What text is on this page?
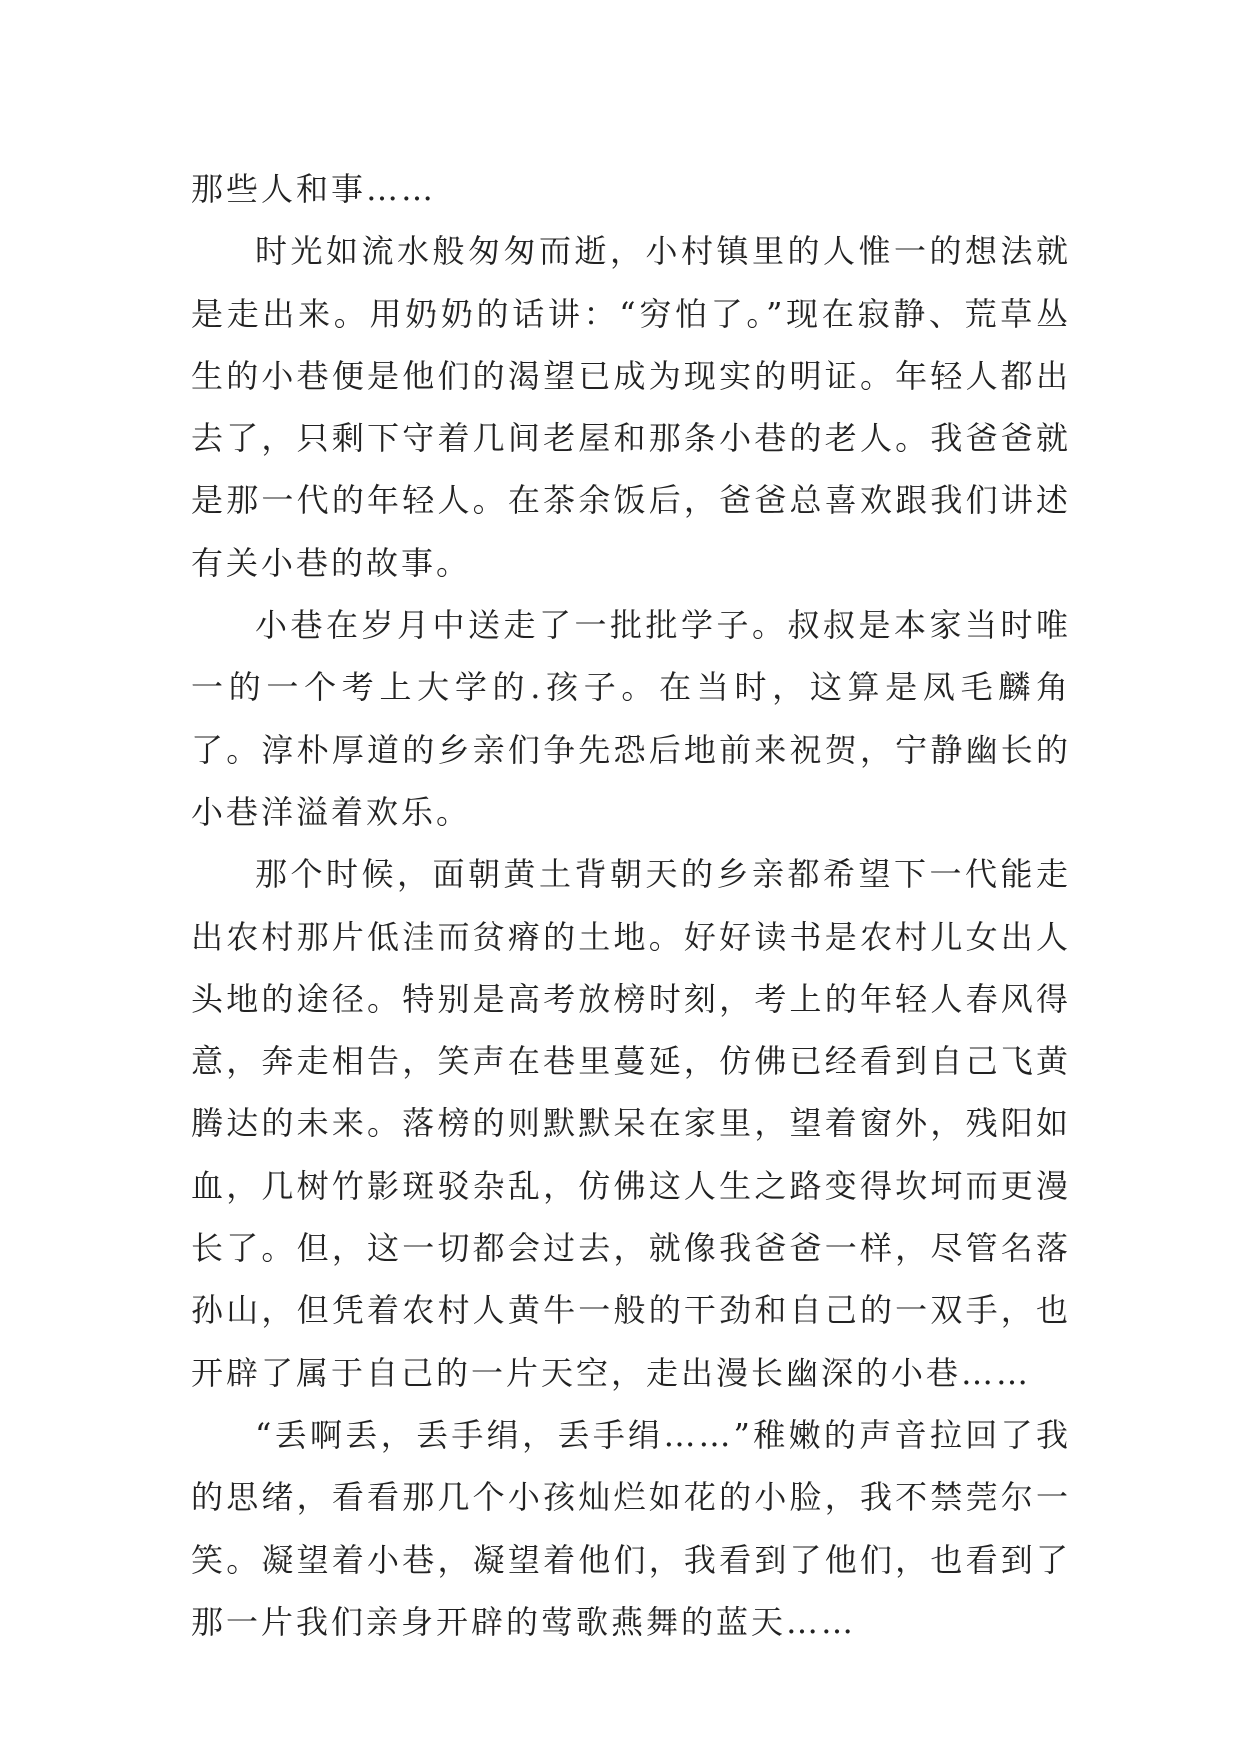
那些人和事……

时光如流水般匆匆而逝，小村镇里的人惟一的想法就是走出来。用奶奶的话讲：“穷怕了。”现在寂静、荒草丛生的小巷便是他们的渴望已成为现实的明证。年轻人都出去了，只剩下守着几间老屋和那条小巷的老人。我爸爸就是那一代的年轻人。在茶余饭后，爸爸总喜欢跟我们讲述有关小巷的故事。

小巷在岁月中送走了一批批学子。叔叔是本家当时唯一的一个考上大学的.孩子。在当时，这算是凤毛麟角了。淳朴厚道的乡亲们争先恐后地前来祝贺，宁静幽长的小巷洋溢着欢乐。

那个时候，面朝黄土背朝天的乡亲都希望下一代能走出农村那片低洼而贫瘠的土地。好好读书是农村儿女出人头地的途径。特别是高考放榜时刻，考上的年轻人春风得意，奔走相告，笑声在巷里蔓延，仿佛已经看到自己飞黄腾达的未来。落榜的则默默呆在家里，望着窗外，残阳如血，几树竹影斑驳杂乱，仿佛这人生之路变得坎坷而更漫长了。但，这一切都会过去，就像我爸爸一样，尽管名落孙山，但凭着农村人黄牛一般的干劲和自己的一双手，也开辟了属于自己的一片天空，走出漫长幽深的小巷……

“丢啊丢，丢手绢，丢手绢……”稚嫩的声音拉回了我的思绪，看看那几个小孩灿烂如花的小脸，我不禁莞尔一笑。凝望着小巷，凝望着他们，我看到了他们，也看到了那一片我们亲身开辟的莺歌燕舞的蓝天……
